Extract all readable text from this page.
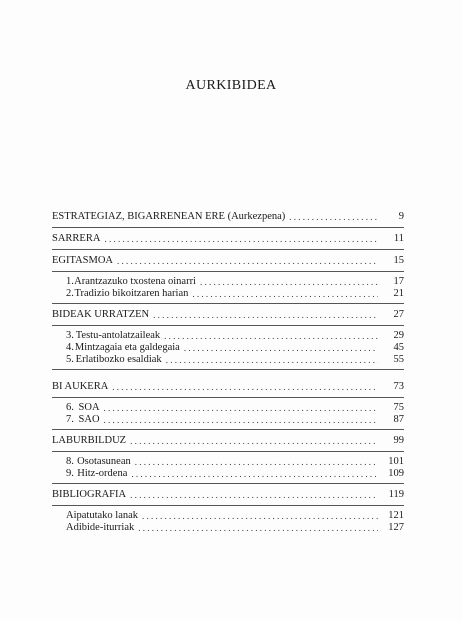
AURKIBIDEA
ESTRATEGIAZ, BIGARRENEAN ERE (Aurkezpena) . . .	9
SARRERA . . .	11
EGITASMOA . . .	15
1. Arantzazuko txostena oinarri . . .	17
2. Tradizio bikoitzaren harian . . .	21
BIDEAK URRATZEN . . .	27
3. Testu-antolatzaileak . . .	29
4. Mintzagaia eta galdegaia . . .	45
5. Erlatibozko esaldiak . . .	55
BI AUKERA . . .	73
6. SOA . . .	75
7. SAO . . .	87
LABURBILDUZ . . .	99
8. Osotasunean . . .	101
9. Hitz-ordena . . .	109
BIBLIOGRAFIA . . .	119
Aipatutako lanak . . .	121
Adibide-iturriak . . .	127
